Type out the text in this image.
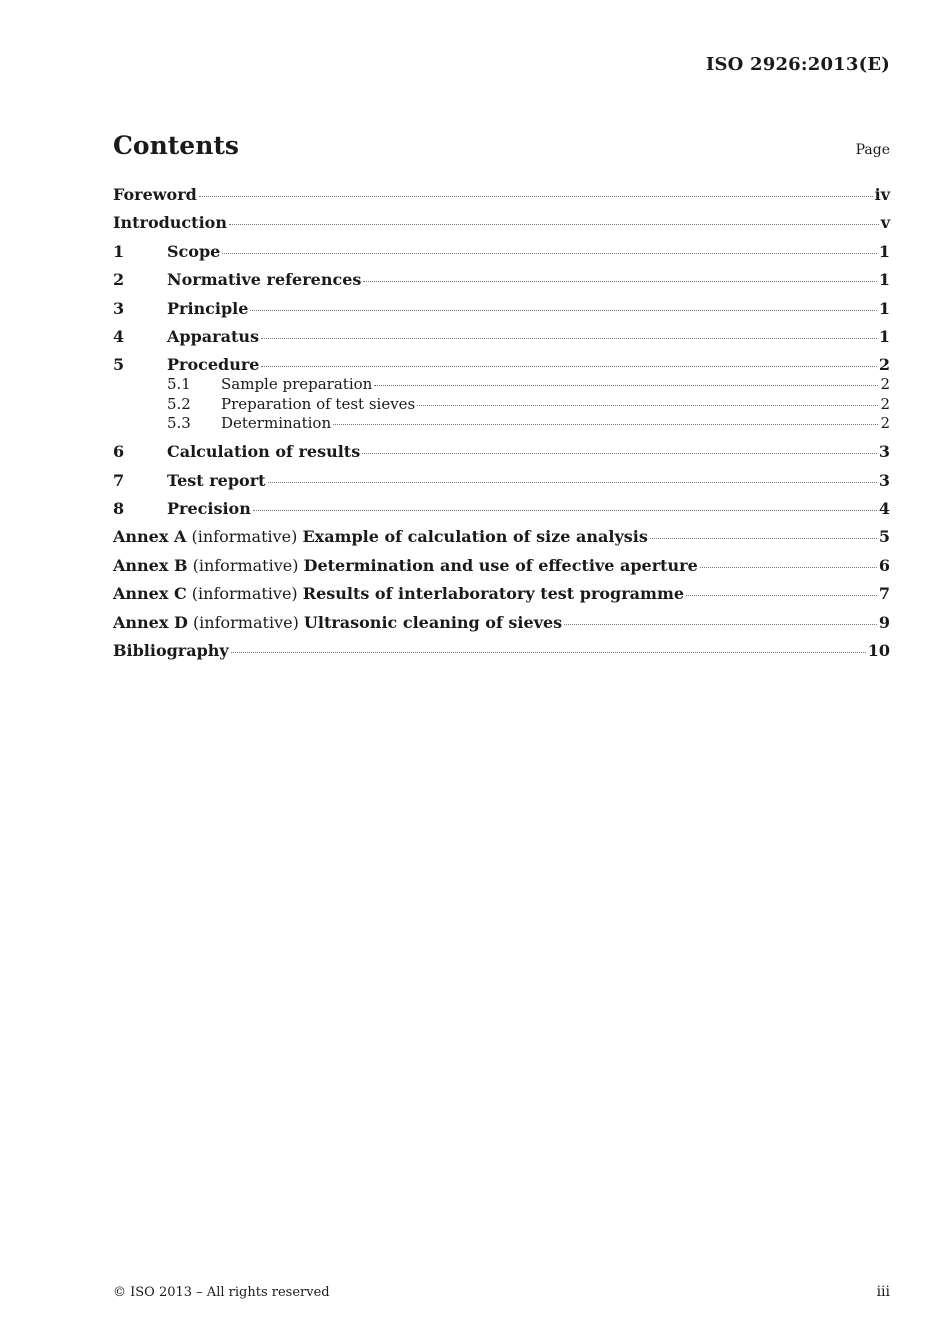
ISO 2926:2013(E)
Contents	Page
Foreword	iv
Introduction	v
1	Scope	1
2	Normative references	1
3	Principle	1
4	Apparatus	1
5	Procedure	2
5.1	Sample preparation	2
5.2	Preparation of test sieves	2
5.3	Determination	2
6	Calculation of results	3
7	Test report	3
8	Precision	4
Annex A (informative) Example of calculation of size analysis	5
Annex B (informative) Determination and use of effective aperture	6
Annex C (informative) Results of interlaboratory test programme	7
Annex D (informative) Ultrasonic cleaning of sieves	9
Bibliography	10
© ISO 2013 – All rights reserved	iii
